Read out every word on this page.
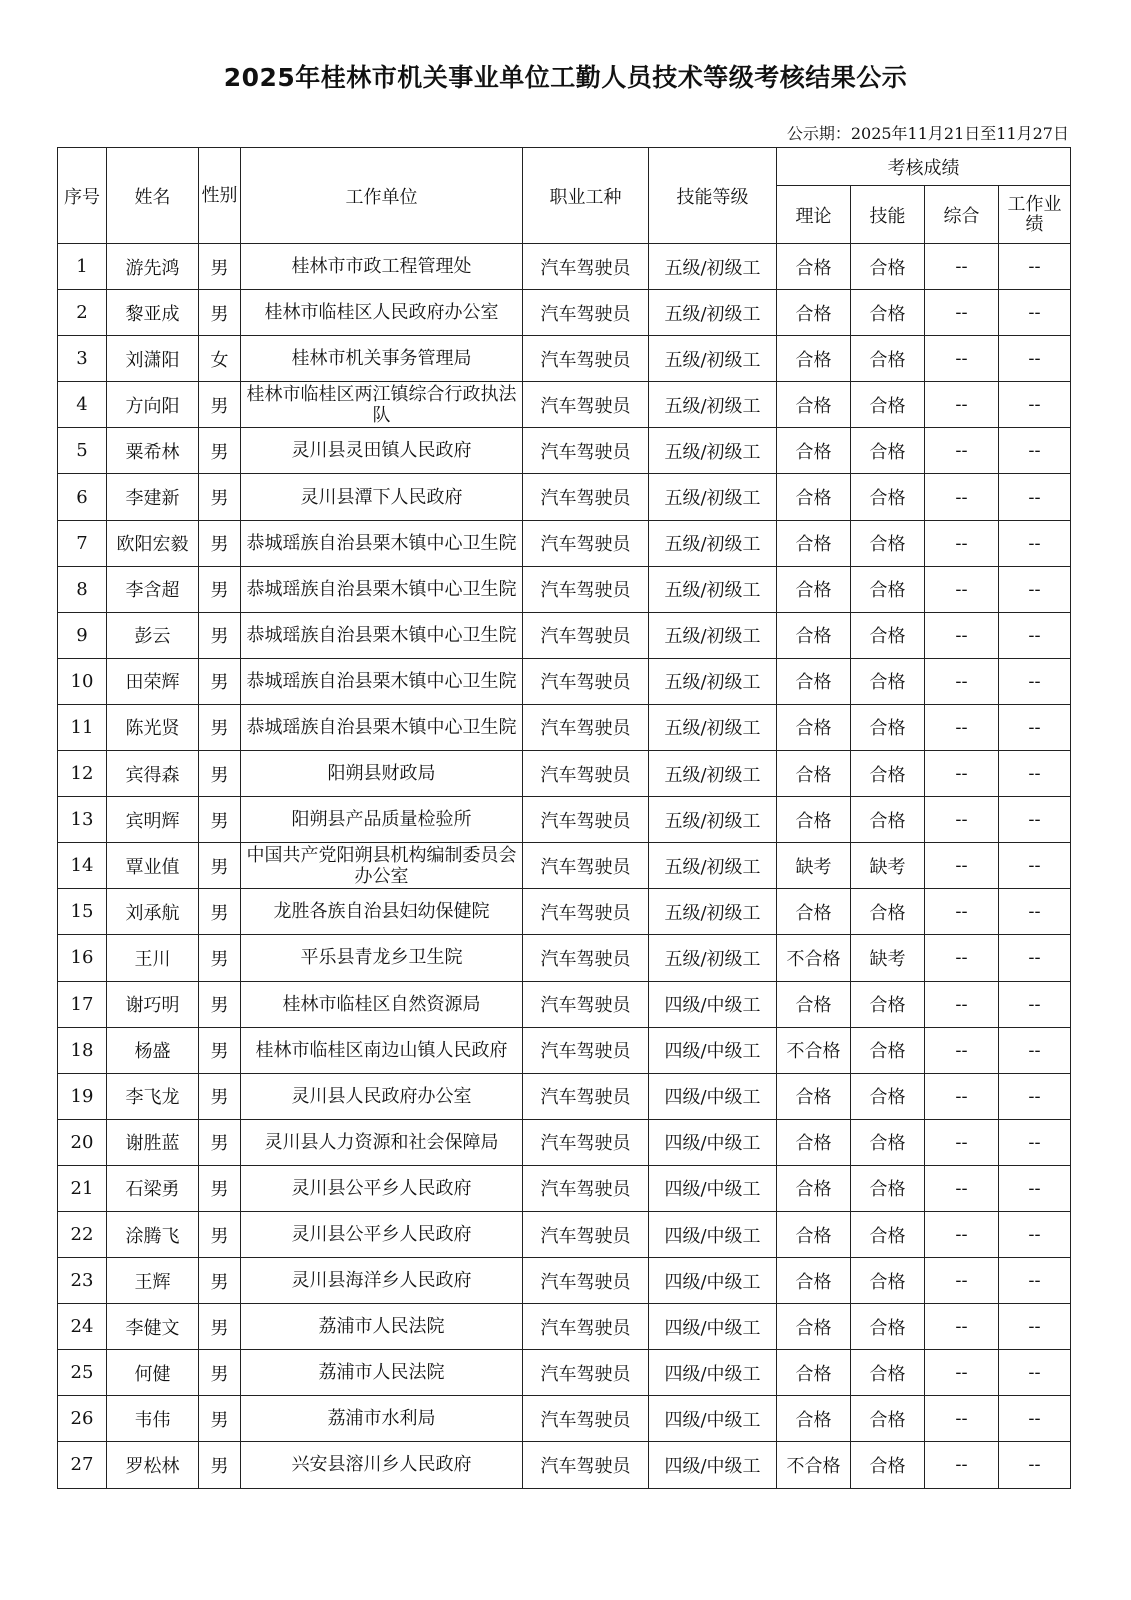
2025年桂林市机关事业单位工勤人员技术等级考核结果公示
公示期：2025年11月21日至11月27日
序号	姓名	性别	工作单位	职业工种	技能等级	考核成绩			
						理论	技能	综合	工作业绩
1	游先鸿	男	桂林市市政工程管理处	汽车驾驶员	五级/初级工	合格	合格	--	--
2	黎亚成	男	桂林市临桂区人民政府办公室	汽车驾驶员	五级/初级工	合格	合格	--	--
3	刘潇阳	女	桂林市机关事务管理局	汽车驾驶员	五级/初级工	合格	合格	--	--
4	方向阳	男	桂林市临桂区两江镇综合行政执法队	汽车驾驶员	五级/初级工	合格	合格	--	--
5	粟希林	男	灵川县灵田镇人民政府	汽车驾驶员	五级/初级工	合格	合格	--	--
6	李建新	男	灵川县潭下人民政府	汽车驾驶员	五级/初级工	合格	合格	--	--
7	欧阳宏毅	男	恭城瑶族自治县栗木镇中心卫生院	汽车驾驶员	五级/初级工	合格	合格	--	--
8	李含超	男	恭城瑶族自治县栗木镇中心卫生院	汽车驾驶员	五级/初级工	合格	合格	--	--
9	彭云	男	恭城瑶族自治县栗木镇中心卫生院	汽车驾驶员	五级/初级工	合格	合格	--	--
10	田荣辉	男	恭城瑶族自治县栗木镇中心卫生院	汽车驾驶员	五级/初级工	合格	合格	--	--
11	陈光贤	男	恭城瑶族自治县栗木镇中心卫生院	汽车驾驶员	五级/初级工	合格	合格	--	--
12	宾得森	男	阳朔县财政局	汽车驾驶员	五级/初级工	合格	合格	--	--
13	宾明辉	男	阳朔县产品质量检验所	汽车驾驶员	五级/初级工	合格	合格	--	--
14	覃业值	男	中国共产党阳朔县机构编制委员会办公室	汽车驾驶员	五级/初级工	缺考	缺考	--	--
15	刘承航	男	龙胜各族自治县妇幼保健院	汽车驾驶员	五级/初级工	合格	合格	--	--
16	王川	男	平乐县青龙乡卫生院	汽车驾驶员	五级/初级工	不合格	缺考	--	--
17	谢巧明	男	桂林市临桂区自然资源局	汽车驾驶员	四级/中级工	合格	合格	--	--
18	杨盛	男	桂林市临桂区南边山镇人民政府	汽车驾驶员	四级/中级工	不合格	合格	--	--
19	李飞龙	男	灵川县人民政府办公室	汽车驾驶员	四级/中级工	合格	合格	--	--
20	谢胜蓝	男	灵川县人力资源和社会保障局	汽车驾驶员	四级/中级工	合格	合格	--	--
21	石梁勇	男	灵川县公平乡人民政府	汽车驾驶员	四级/中级工	合格	合格	--	--
22	涂腾飞	男	灵川县公平乡人民政府	汽车驾驶员	四级/中级工	合格	合格	--	--
23	王辉	男	灵川县海洋乡人民政府	汽车驾驶员	四级/中级工	合格	合格	--	--
24	李健文	男	荔浦市人民法院	汽车驾驶员	四级/中级工	合格	合格	--	--
25	何健	男	荔浦市人民法院	汽车驾驶员	四级/中级工	合格	合格	--	--
26	韦伟	男	荔浦市水利局	汽车驾驶员	四级/中级工	合格	合格	--	--
27	罗松林	男	兴安县溶川乡人民政府	汽车驾驶员	四级/中级工	不合格	合格	--	--
